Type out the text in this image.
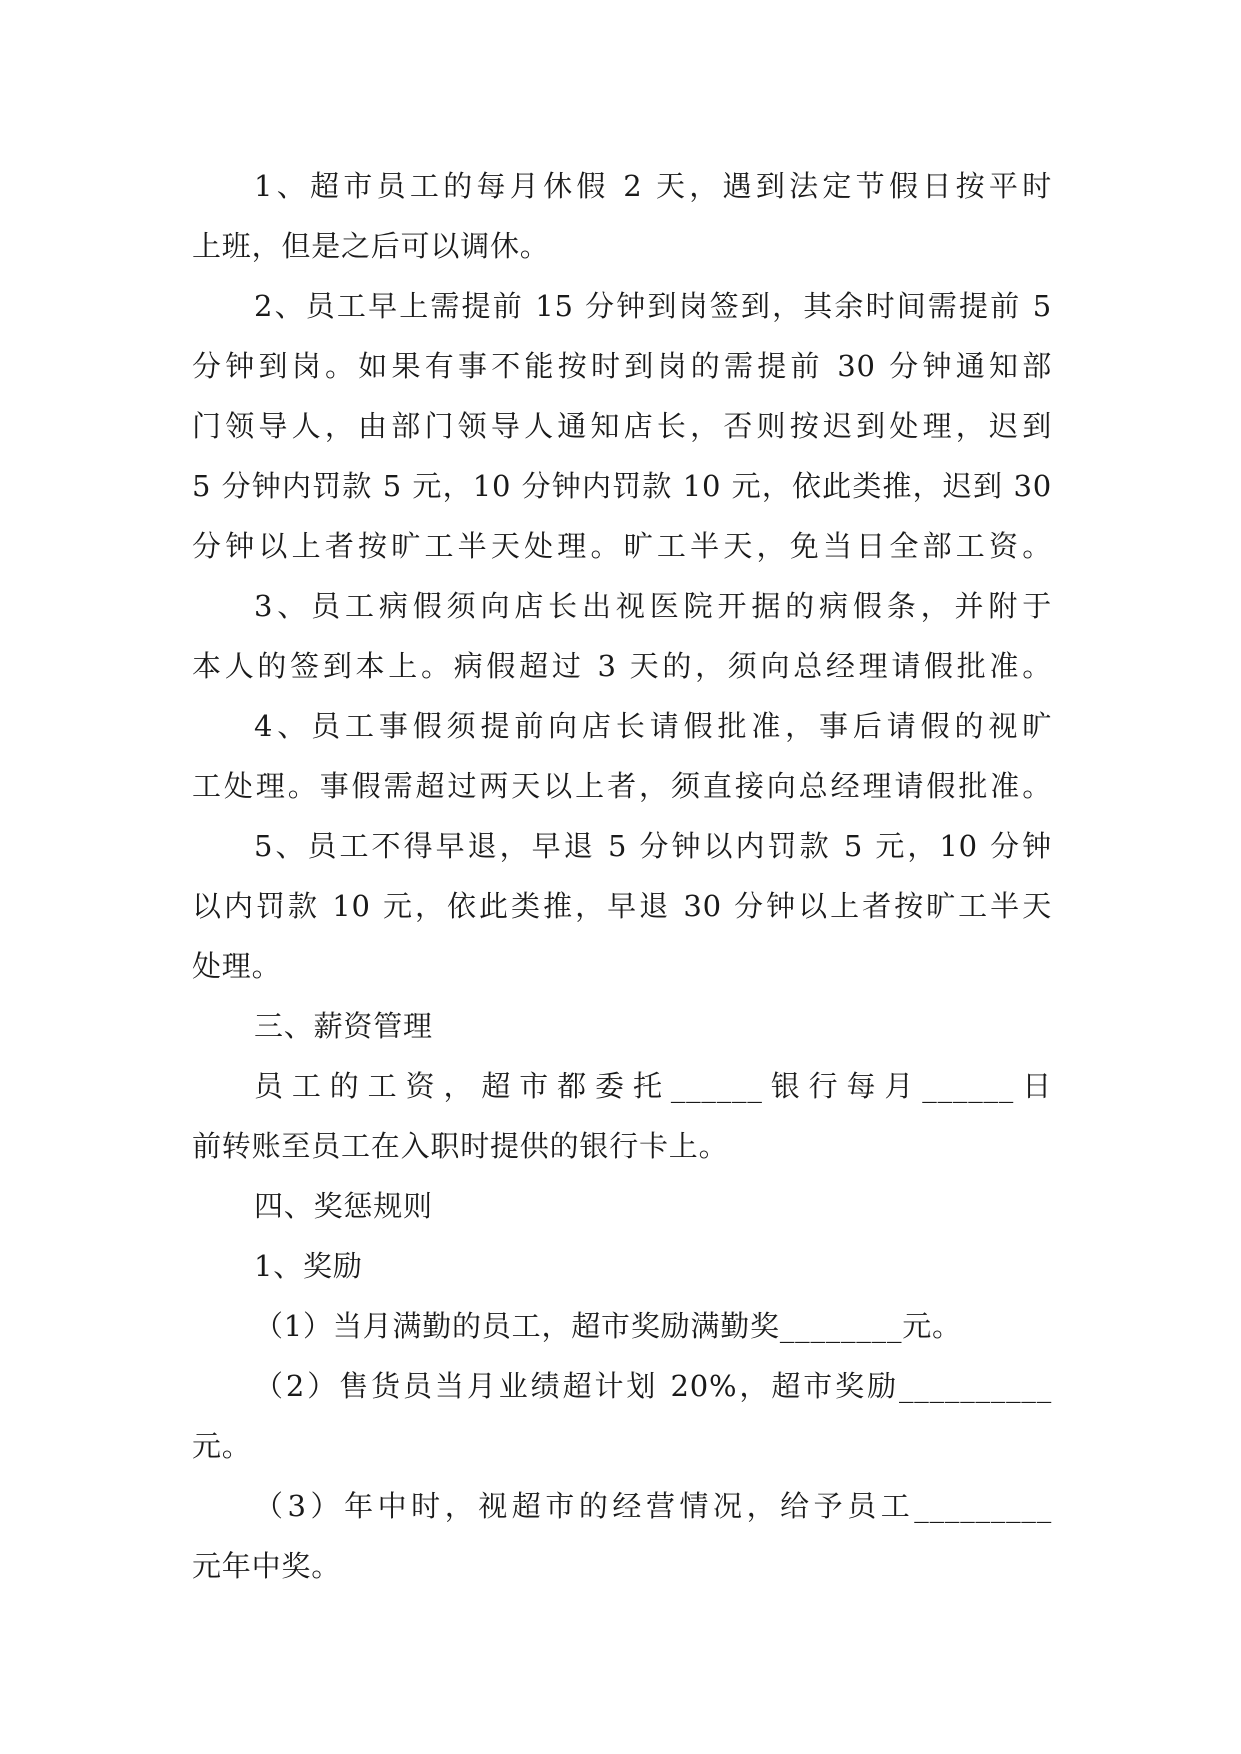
1、超市员工的每月休假 2 天，遇到法定节假日按平时
上班，但是之后可以调休。
2、员工早上需提前 15 分钟到岗签到，其余时间需提前 5
分钟到岗。如果有事不能按时到岗的需提前 30 分钟通知部
门领导人，由部门领导人通知店长，否则按迟到处理，迟到
5 分钟内罚款 5 元，10 分钟内罚款 10 元，依此类推，迟到 30
分钟以上者按旷工半天处理。旷工半天，免当日全部工资。
3、员工病假须向店长出视医院开据的病假条，并附于
本人的签到本上。病假超过 3 天的，须向总经理请假批准。
4、员工事假须提前向店长请假批准，事后请假的视旷
工处理。事假需超过两天以上者，须直接向总经理请假批准。
5、员工不得早退，早退 5 分钟以内罚款 5 元，10 分钟
以内罚款 10 元，依此类推，早退 30 分钟以上者按旷工半天
处理。
三、薪资管理
员工的工资，超市都委托______银行每月______日
前转账至员工在入职时提供的银行卡上。
四、奖惩规则
1、奖励
（1）当月满勤的员工，超市奖励满勤奖________元。
（2）售货员当月业绩超计划 20%，超市奖励__________
元。
（3）年中时，视超市的经营情况，给予员工_________
元年中奖。
